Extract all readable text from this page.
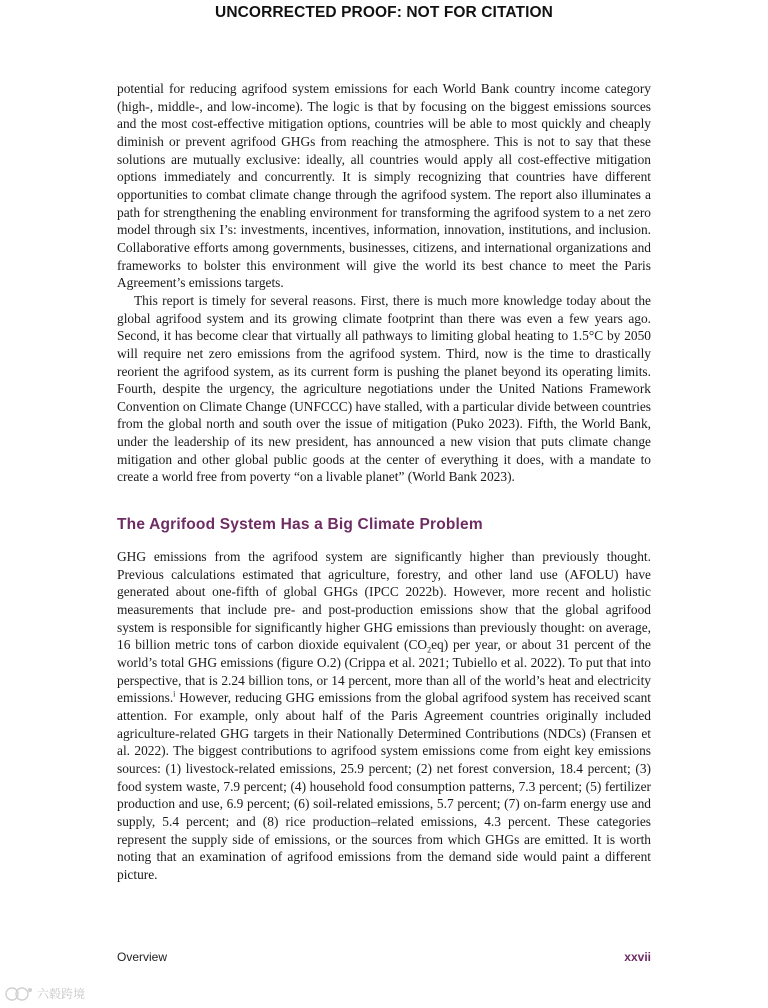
UNCORRECTED PROOF: NOT FOR CITATION

potential for reducing agrifood system emissions for each World Bank country income category (high-, middle-, and low-income). The logic is that by focusing on the biggest emissions sources and the most cost-effective mitigation options, countries will be able to most quickly and cheaply diminish or prevent agrifood GHGs from reaching the atmosphere. This is not to say that these solutions are mutually exclusive: ideally, all countries would apply all cost-effective mitigation options immediately and concurrently. It is simply recognizing that countries have different opportunities to combat climate change through the agrifood system. The report also illuminates a path for strengthening the enabling environment for transforming the agrifood system to a net zero model through six I’s: investments, incentives, information, innovation, institutions, and inclusion. Collaborative efforts among governments, businesses, citizens, and international organizations and frameworks to bolster this environment will give the world its best chance to meet the Paris Agreement’s emissions targets.

This report is timely for several reasons. First, there is much more knowledge today about the global agrifood system and its growing climate footprint than there was even a few years ago. Second, it has become clear that virtually all pathways to limiting global heating to 1.5°C by 2050 will require net zero emissions from the agrifood system. Third, now is the time to drastically reorient the agrifood system, as its current form is pushing the planet beyond its operating limits. Fourth, despite the urgency, the agriculture negotiations under the United Nations Framework Convention on Climate Change (UNFCCC) have stalled, with a particular divide between countries from the global north and south over the issue of mitigation (Puko 2023). Fifth, the World Bank, under the leadership of its new president, has announced a new vision that puts climate change mitigation and other global public goods at the center of everything it does, with a mandate to create a world free from poverty “on a livable planet” (World Bank 2023).

The Agrifood System Has a Big Climate Problem

GHG emissions from the agrifood system are significantly higher than previously thought. Previous calculations estimated that agriculture, forestry, and other land use (AFOLU) have generated about one-fifth of global GHGs (IPCC 2022b). However, more recent and holistic measurements that include pre- and post-production emissions show that the global agrifood system is responsible for significantly higher GHG emissions than previously thought: on average, 16 billion metric tons of carbon dioxide equivalent $(CO_2eq)$ per year, or about 31 percent of the world’s total GHG emissions (figure O.2) (Crippa et al. 2021; Tubiello et al. 2022). To put that into perspective, that is 2.24 billion tons, or 14 percent, more than all of the world’s heat and electricity emissions.$^i$ However, reducing GHG emissions from the global agrifood system has received scant attention. For example, only about half of the Paris Agreement countries originally included agriculture-related GHG targets in their Nationally Determined Contributions (NDCs) (Fransen et al. 2022). The biggest contributions to agrifood system emissions come from eight key emissions sources: (1) livestock-related emissions, 25.9 percent; (2) net forest conversion, 18.4 percent; (3) food system waste, 7.9 percent; (4) household food consumption patterns, 7.3 percent; (5) fertilizer production and use, 6.9 percent; (6) soil-related emissions, 5.7 percent; (7) on-farm energy use and supply, 5.4 percent; and (8) rice production–related emissions, 4.3 percent. These categories represent the supply side of emissions, or the sources from which GHGs are emitted. It is worth noting that an examination of agrifood emissions from the demand side would paint a different picture.

Overview	xxvii
六毂跨境
